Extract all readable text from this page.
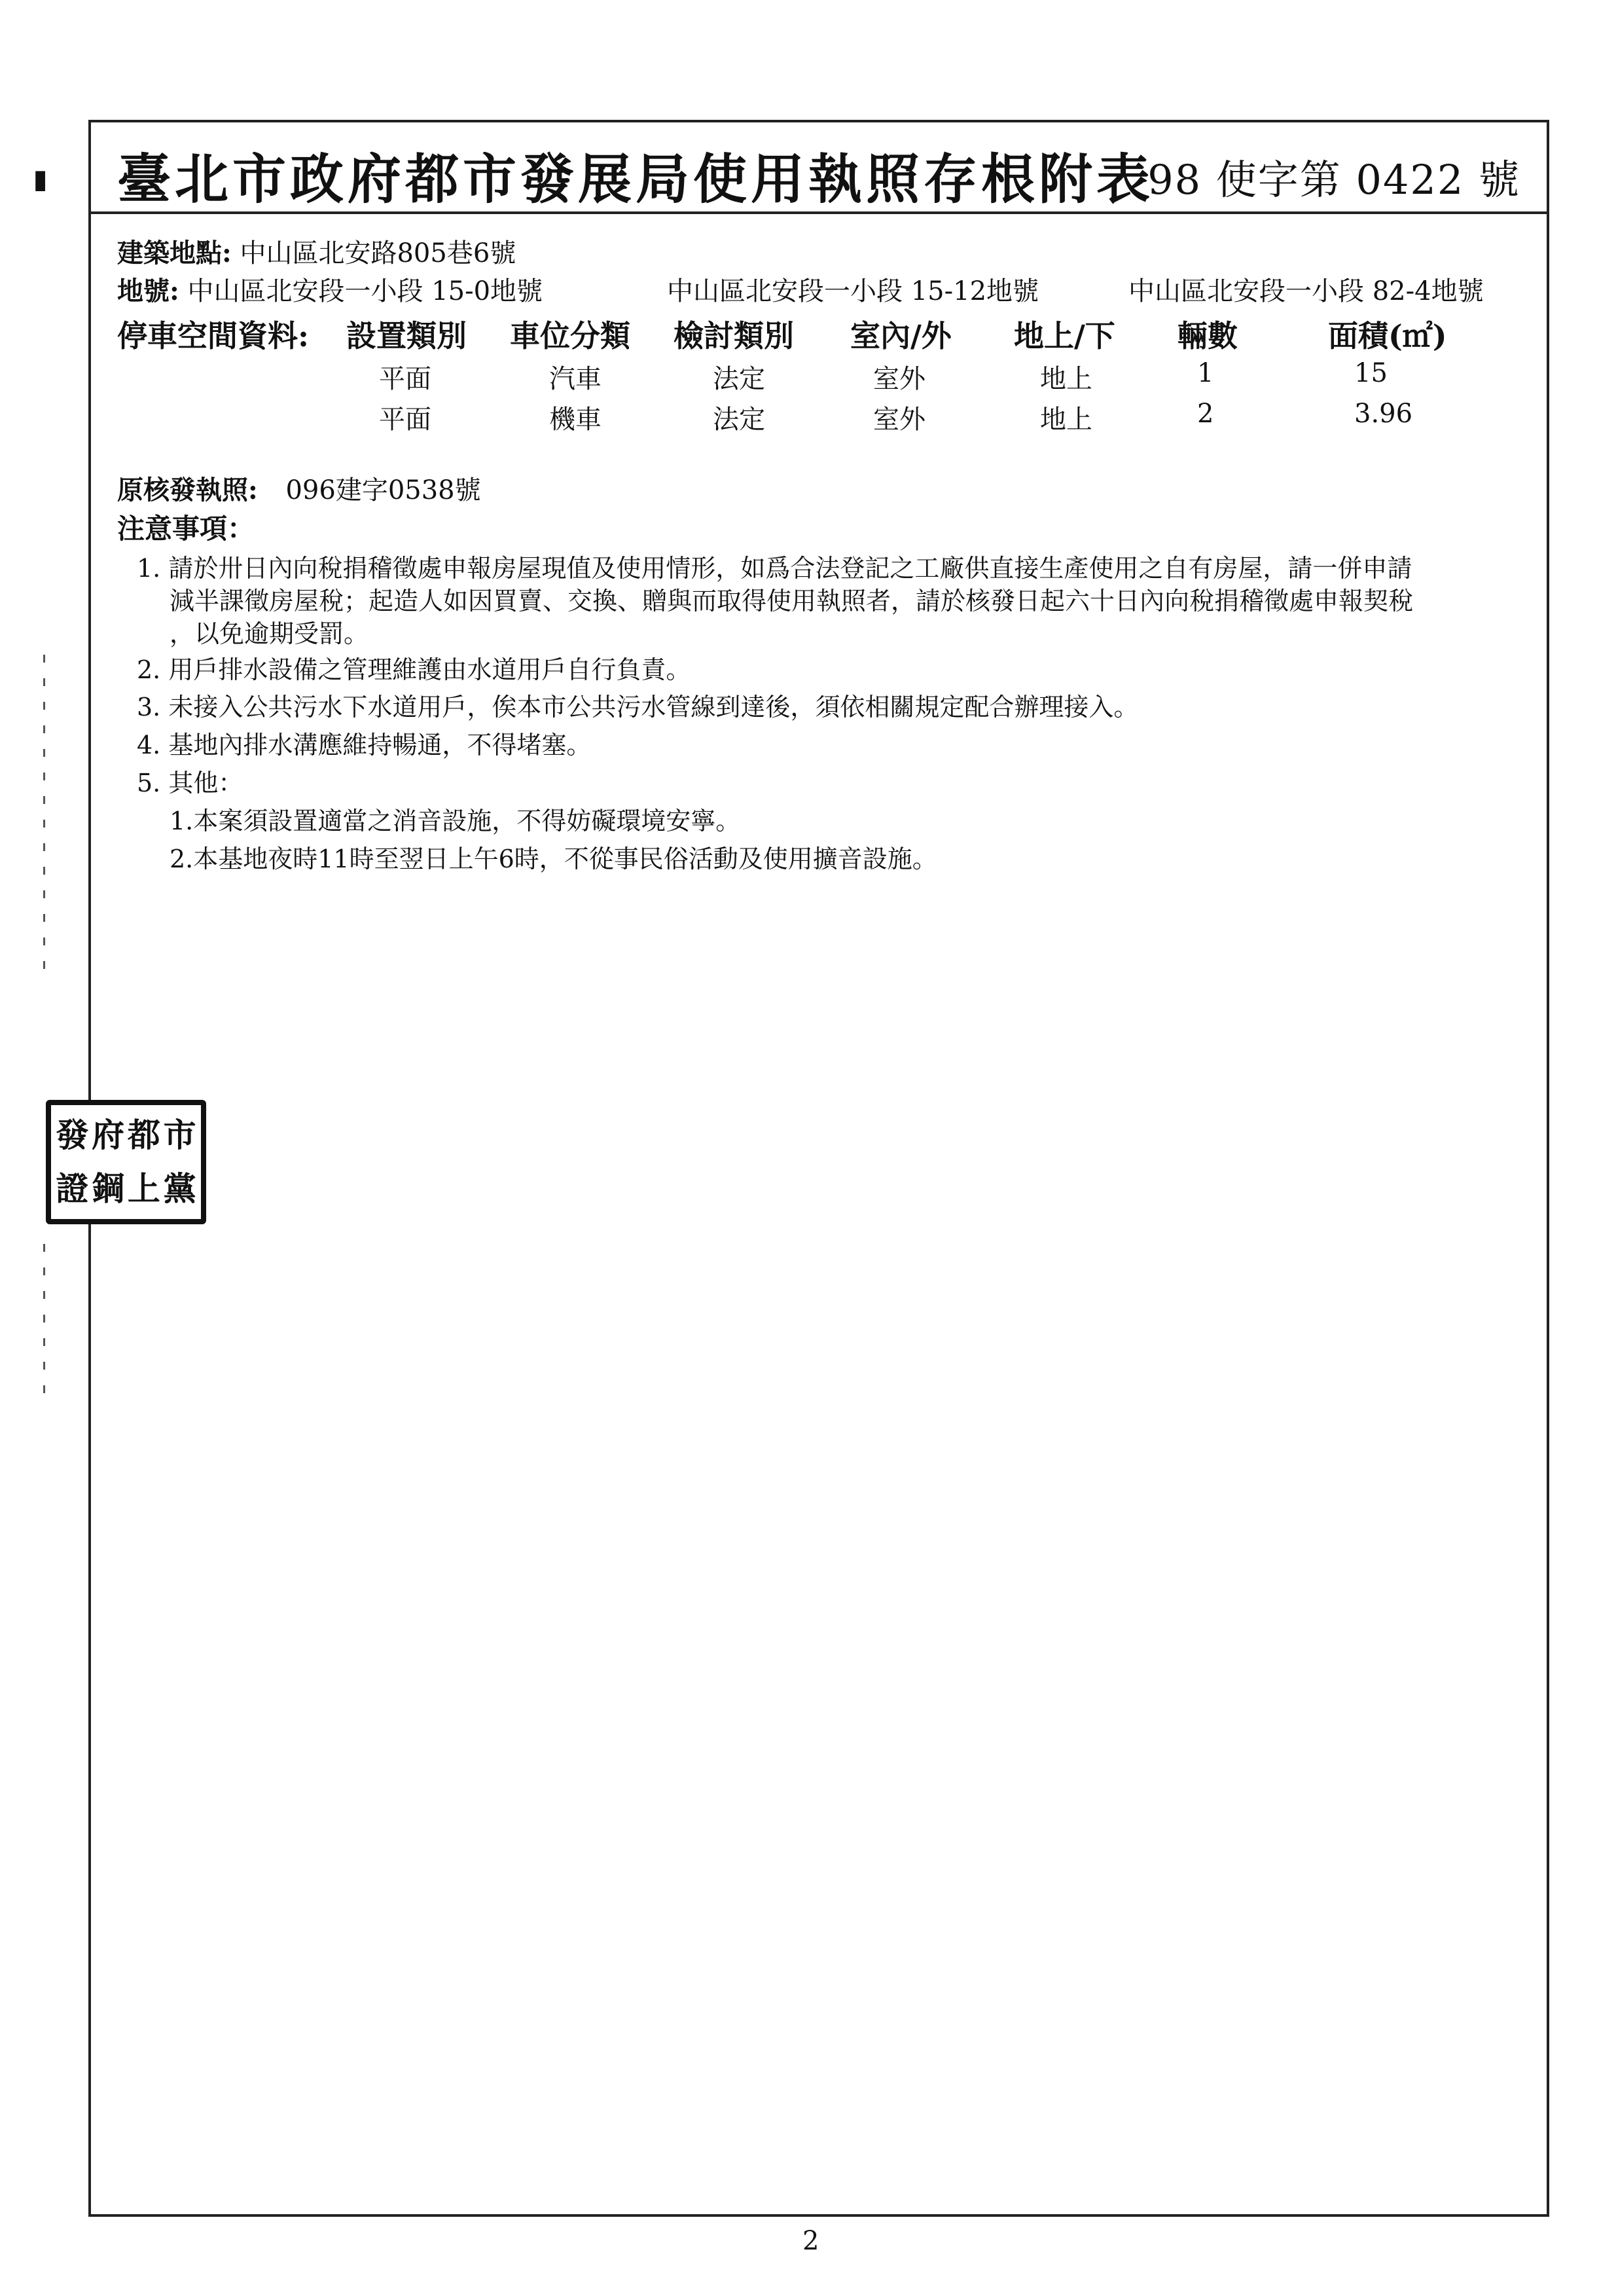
▮ 臺北市政府都市發展局使用執照存根附表
98 使字第 0422 號
建築地點: 中山區北安路805巷6號
地號: 中山區北安段一小段 15-0地號	中山區北安段一小段 15-12地號	中山區北安段一小段 82-4地號
停車空間資料: 設置類別 車位分類 檢討類別 室內/外 地上/下 輛數	面積(㎡)
平面	汽車	法定	室外	地上	1	15
平面	機車	法定	室外	地上	2	3.96
原核發執照: 096建字0538號
注意事項：
1. 請於卅日內向稅捐稽徵處申報房屋現值及使用情形，如爲合法登記之工廠供直接生產使用之自有房屋，請一併申請
減半課徵房屋稅；起造人如因買賣、交換、贈與而取得使用執照者，請於核發日起六十日內向稅捐稽徵處申報契稅
，以免逾期受罰。
2. 用戶排水設備之管理維護由水道用戶自行負責。
3. 未接入公共污水下水道用戶，俟本市公共污水管線到達後，須依相關規定配合辦理接入。
4. 基地內排水溝應維持暢通，不得堵塞。
5. 其他：
1.本案須設置適當之消音設施，不得妨礙環境安寧。
2.本基地夜時11時至翌日上午6時，不從事民俗活動及使用擴音設施。
發 府 都 市
證 鋼 上 黨
2
